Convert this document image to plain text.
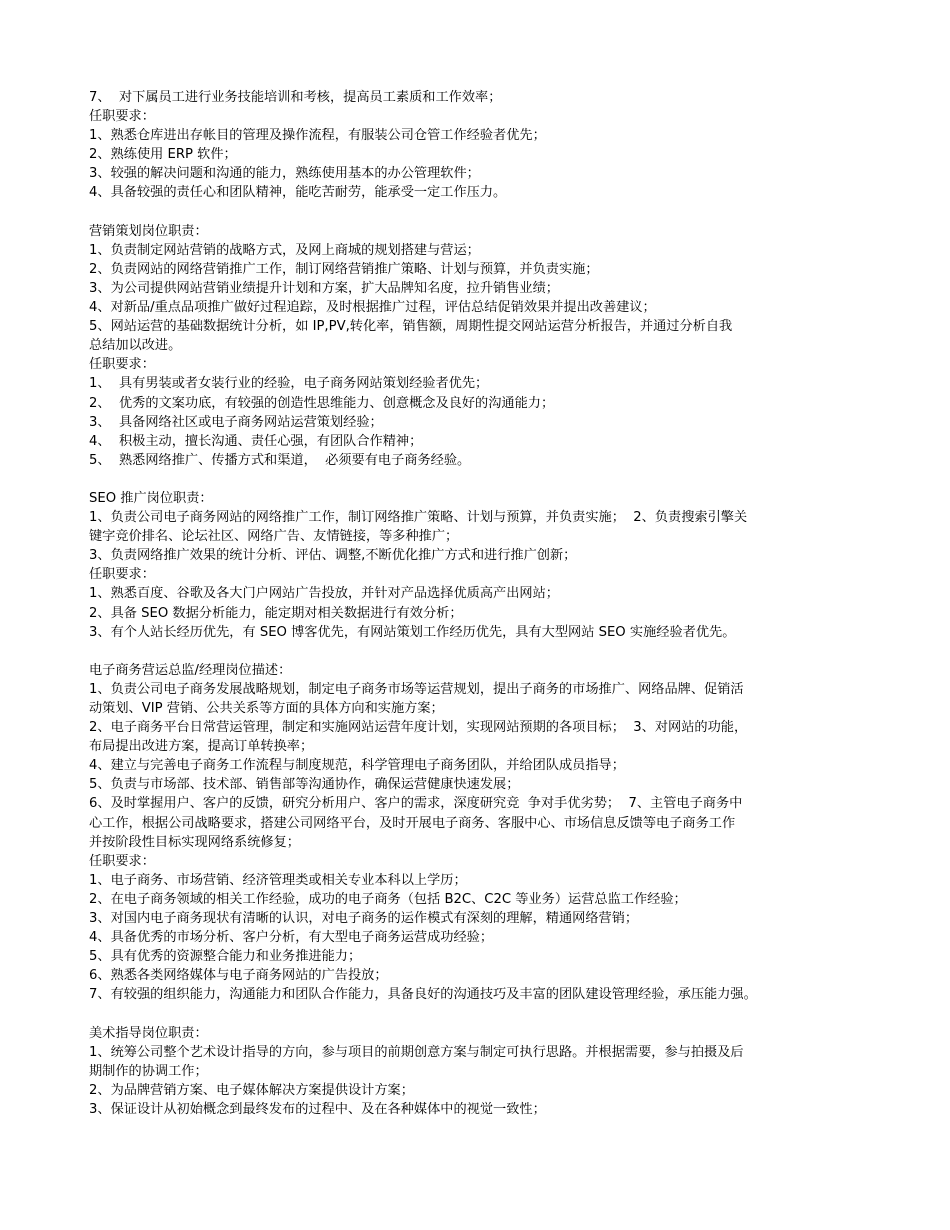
7、  对下属员工进行业务技能培训和考核，提高员工素质和工作效率；

任职要求：

1、熟悉仓库进出存帐目的管理及操作流程，有服装公司仓管工作经验者优先；

2、熟练使用 ERP 软件；

3、较强的解决问题和沟通的能力，熟练使用基本的办公管理软件；

4、具备较强的责任心和团队精神，能吃苦耐劳，能承受一定工作压力。

营销策划岗位职责：

1、负责制定网站营销的战略方式，及网上商城的规划搭建与营运；

2、负责网站的网络营销推广工作，制订网络营销推广策略、计划与预算，并负责实施；

3、为公司提供网站营销业绩提升计划和方案，扩大品牌知名度，拉升销售业绩；

4、对新品/重点品项推广做好过程追踪，及时根据推广过程，评估总结促销效果并提出改善建议；

5、网站运营的基础数据统计分析，如 IP,PV,转化率，销售额，周期性提交网站运营分析报告，并通过分析自我

总结加以改进。

任职要求：

1、  具有男装或者女装行业的经验，电子商务网站策划经验者优先；

2、  优秀的文案功底，有较强的创造性思维能力、创意概念及良好的沟通能力；

3、  具备网络社区或电子商务网站运营策划经验；

4、  积极主动，擅长沟通、责任心强，有团队合作精神；

5、  熟悉网络推广、传播方式和渠道，  必须要有电子商务经验。

SEO 推广岗位职责：

1、负责公司电子商务网站的网络推广工作，制订网络推广策略、计划与预算，并负责实施；  2、负责搜索引擎关

键字竞价排名、论坛社区、网络广告、友情链接，等多种推广；

3、负责网络推广效果的统计分析、评估、调整,不断优化推广方式和进行推广创新；

任职要求：

1、熟悉百度、谷歌及各大门户网站广告投放，并针对产品选择优质高产出网站；

2、具备 SEO 数据分析能力，能定期对相关数据进行有效分析；

3、有个人站长经历优先，有 SEO 博客优先，有网站策划工作经历优先，具有大型网站 SEO 实施经验者优先。

电子商务营运总监/经理岗位描述：

1、负责公司电子商务发展战略规划，制定电子商务市场等运营规划，提出子商务的市场推广、网络品牌、促销活

动策划、VIP 营销、公共关系等方面的具体方向和实施方案；

2、电子商务平台日常营运管理，制定和实施网站运营年度计划，实现网站预期的各项目标；  3、对网站的功能，

布局提出改进方案，提高订单转换率；

4、建立与完善电子商务工作流程与制度规范，科学管理电子商务团队，并给团队成员指导；

5、负责与市场部、技术部、销售部等沟通协作，确保运营健康快速发展；

6、及时掌握用户、客户的反馈，研究分析用户、客户的需求，深度研究竞  争对手优劣势；  7、主管电子商务中

心工作，根据公司战略要求，搭建公司网络平台，及时开展电子商务、客服中心、市场信息反馈等电子商务工作

并按阶段性目标实现网络系统修复；

任职要求：

1、电子商务、市场营销、经济管理类或相关专业本科以上学历；

2、在电子商务领域的相关工作经验，成功的电子商务（包括 B2C、C2C 等业务）运营总监工作经验；

3、对国内电子商务现状有清晰的认识，对电子商务的运作模式有深刻的理解，精通网络营销；

4、具备优秀的市场分析、客户分析，有大型电子商务运营成功经验；

5、具有优秀的资源整合能力和业务推进能力；

6、熟悉各类网络媒体与电子商务网站的广告投放；

7、有较强的组织能力，沟通能力和团队合作能力，具备良好的沟通技巧及丰富的团队建设管理经验，承压能力强。

美术指导岗位职责：

1、统筹公司整个艺术设计指导的方向，参与项目的前期创意方案与制定可执行思路。并根据需要，参与拍摄及后

期制作的协调工作；

2、为品牌营销方案、电子媒体解决方案提供设计方案；

3、保证设计从初始概念到最终发布的过程中、及在各种媒体中的视觉一致性；
